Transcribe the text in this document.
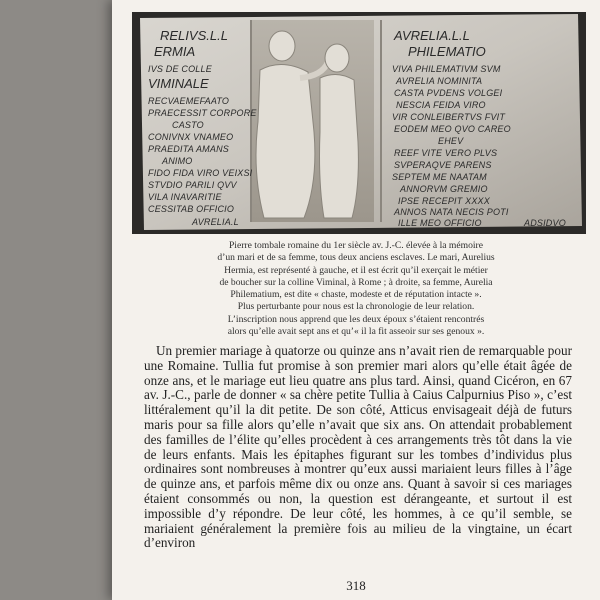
RELIVS.L.L
ERMIA
IVS DE COLLE
VIMINALE
RECVAEMEFAATO
PRAECESSIT CORPORE
CASTO
CONIVNX VNAMEO
PRAEDITA AMANS
ANIMO
FIDO FIDA VIRO VEIXSI
STVDIO PARILI QVV
VILA INAVARITIE
CESSITAB OFFICIO
AVRELIA.L
AVRELIA.L.L
PHILEMATIO
VIVA PHILEMATIVM SVM
AVRELIA NOMINITA
CASTA PVDENS VOLGEI
NESCIA FEIDA VIRO
VIR CONLEIBERTVS FVIT
EODEM MEO QVO CAREO
EHEV
REEF VITE VERO PLVS
SVPERAQVE PARENS
SEPTEM ME NAATAM
ANNORVM GREMIO
IPSE RECEPIT XXXX
ANNOS NATA NECIS POTI
ILLE MEO OFFICIO	ADSIDVO

Pierre tombale romaine du 1er siècle av. J.-C. élevée à la mémoire

d’un mari et de sa femme, tous deux anciens esclaves. Le mari, Aurelius

Hermia, est représenté à gauche, et il est écrit qu’il exerçait le métier

de boucher sur la colline Viminal, à Rome ; à droite, sa femme, Aurelia

Philematium, est dite « chaste, modeste et de réputation intacte ».

Plus perturbante pour nous est la chronologie de leur relation.

L’inscription nous apprend que les deux époux s’étaient rencontrés

alors qu’elle avait sept ans et qu’« il la fit asseoir sur ses genoux ».

Un premier mariage à quatorze ou quinze ans n’avait rien de remarquable pour une Romaine. Tullia fut promise à son premier mari alors qu’elle était âgée de onze ans, et le mariage eut lieu quatre ans plus tard. Ainsi, quand Cicéron, en 67 av. J.-C., parle de donner « sa chère petite Tullia à Caius Calpurnius Piso », c’est littéralement qu’il la dit petite. De son côté, Atticus envisageait déjà de futurs maris pour sa fille alors qu’elle n’avait que six ans. On attendait probablement des familles de l’élite qu’elles procèdent à ces arrangements très tôt dans la vie de leurs enfants. Mais les épitaphes figurant sur les tombes d’individus plus ordinaires sont nombreuses à montrer qu’eux aussi mariaient leurs filles à l’âge de quinze ans, et parfois même dix ou onze ans. Quant à savoir si ces mariages étaient consommés ou non, la question est dérangeante, et surtout il est impossible d’y répondre. De leur côté, les hommes, à ce qu’il semble, se mariaient généralement la première fois au milieu de la vingtaine, un écart d’environ

318
